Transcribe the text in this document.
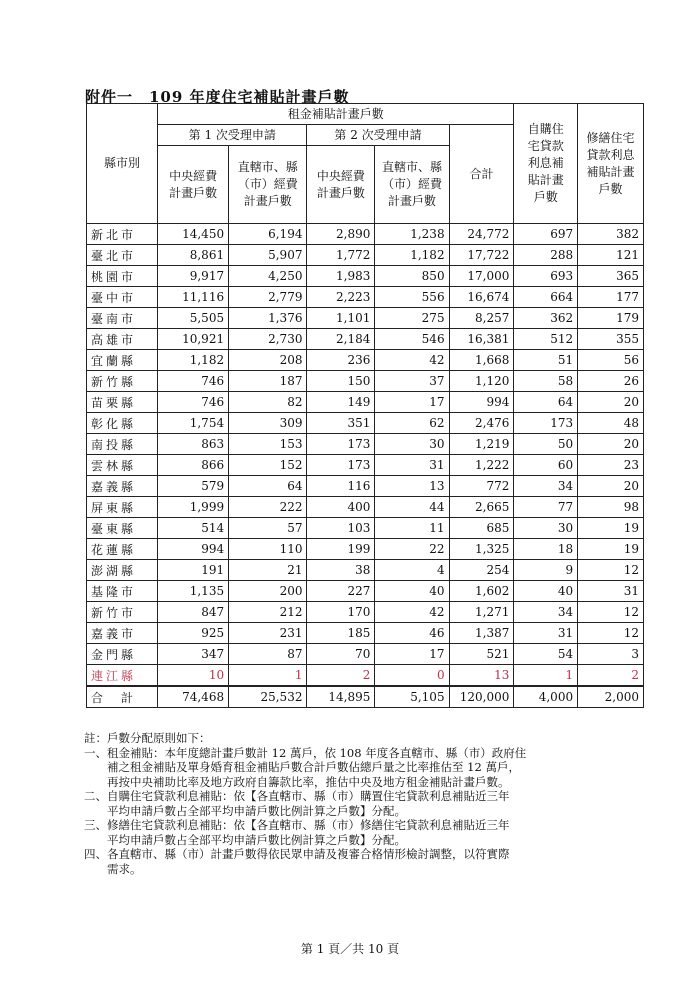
附件一　109 年度住宅補貼計畫戶數
縣市別	租金補貼計畫戶數					自購住宅貸款利息補貼計畫戶數	修繕住宅貸款利息補貼計畫戶數
	第 1 次受理申請		第 2 次受理申請		合計		
	中央經費計畫戶數	直轄市、縣（市）經費計畫戶數	中央經費計畫戶數	直轄市、縣（市）經費計畫戶數			
新北市	14,450	6,194	2,890	1,238	24,772	697	382
臺北市	8,861	5,907	1,772	1,182	17,722	288	121
桃園市	9,917	4,250	1,983	850	17,000	693	365
臺中市	11,116	2,779	2,223	556	16,674	664	177
臺南市	5,505	1,376	1,101	275	8,257	362	179
高雄市	10,921	2,730	2,184	546	16,381	512	355
宜蘭縣	1,182	208	236	42	1,668	51	56
新竹縣	746	187	150	37	1,120	58	26
苗栗縣	746	82	149	17	994	64	20
彰化縣	1,754	309	351	62	2,476	173	48
南投縣	863	153	173	30	1,219	50	20
雲林縣	866	152	173	31	1,222	60	23
嘉義縣	579	64	116	13	772	34	20
屏東縣	1,999	222	400	44	2,665	77	98
臺東縣	514	57	103	11	685	30	19
花蓮縣	994	110	199	22	1,325	18	19
澎湖縣	191	21	38	4	254	9	12
基隆市	1,135	200	227	40	1,602	40	31
新竹市	847	212	170	42	1,271	34	12
嘉義市	925	231	185	46	1,387	31	12
金門縣	347	87	70	17	521	54	3
連江縣	10	1	2	0	13	1	2
合　計	74,468	25,532	14,895	5,105	120,000	4,000	2,000
註：戶數分配原則如下：
一、租金補貼：本年度總計畫戶數計 12 萬戶，依 108 年度各直轄市、縣（市）政府住
　　補之租金補貼及單身婚育租金補貼戶數合計戶數佔總戶量之比率推估至 12 萬戶，
　　再按中央補助比率及地方政府自籌款比率，推估中央及地方租金補貼計畫戶數。
二、自購住宅貸款利息補貼：依【各直轄市、縣（市）購置住宅貸款利息補貼近三年
　　平均申請戶數占全部平均申請戶數比例計算之戶數】分配。
三、修繕住宅貸款利息補貼：依【各直轄市、縣（市）修繕住宅貸款利息補貼近三年
　　平均申請戶數占全部平均申請戶數比例計算之戶數】分配。
四、各直轄市、縣（市）計畫戶數得依民眾申請及複審合格情形檢討調整，以符實際
　　需求。
第 1 頁／共 10 頁
